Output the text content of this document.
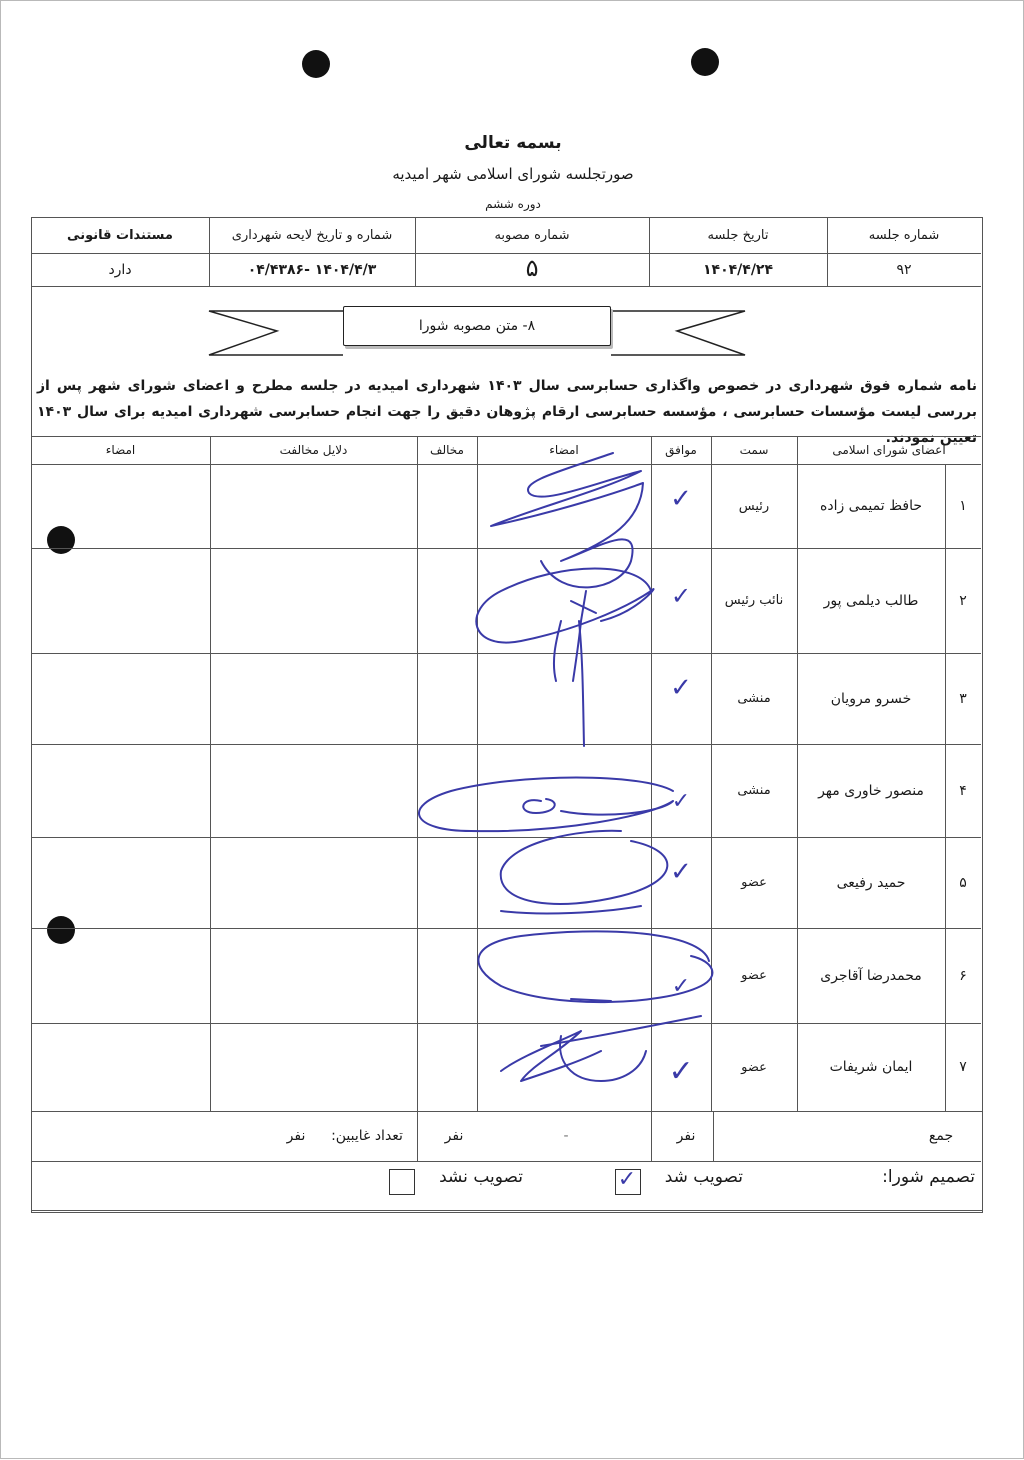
بسمه تعالی
صورتجلسه شورای اسلامی شهر امیدیه
دوره ششم
شماره جلسه
تاریخ جلسه
شماره مصوبه
شماره و تاریخ لایحه شهرداری
مستندات قانونی
۹۲
۱۴۰۴/۴/۲۴
۵
۱۴۰۴/۴/۳ -۰۴/۴۳۸۶
دارد
۸- متن مصوبه شورا
نامه شماره فوق شهرداری در خصوص واگذاری حسابرسی سال ۱۴۰۳ شهرداری امیدیه در جلسه مطرح و اعضای شورای شهر پس از بررسی لیست مؤسسات حسابرسی ، مؤسسه حسابرسی ارقام پژوهان دقیق را جهت انجام حسابرسی شهرداری امیدیه برای سال ۱۴۰۳ تعیین نمودند.
اعضای شورای اسلامی
سمت
موافق
امضاء
مخالف
دلایل مخالفت
امضاء
۱
حافظ تمیمی زاده
رئیس
✓
۲
طالب دیلمی پور
نائب رئیس
✓
۳
خسرو مرویان
منشی
✓
۴
منصور خاوری مهر
منشی
✓
۵
حمید رفیعی
عضو
✓
۶
محمدرضا آقاجری
عضو
✓
۷
ایمان شریفات
عضو
✓
جمع
نفر
-
نفر
تعداد غایبین:
نفر
تصمیم شورا:
تصویب شد
✓
تصویب نشد
